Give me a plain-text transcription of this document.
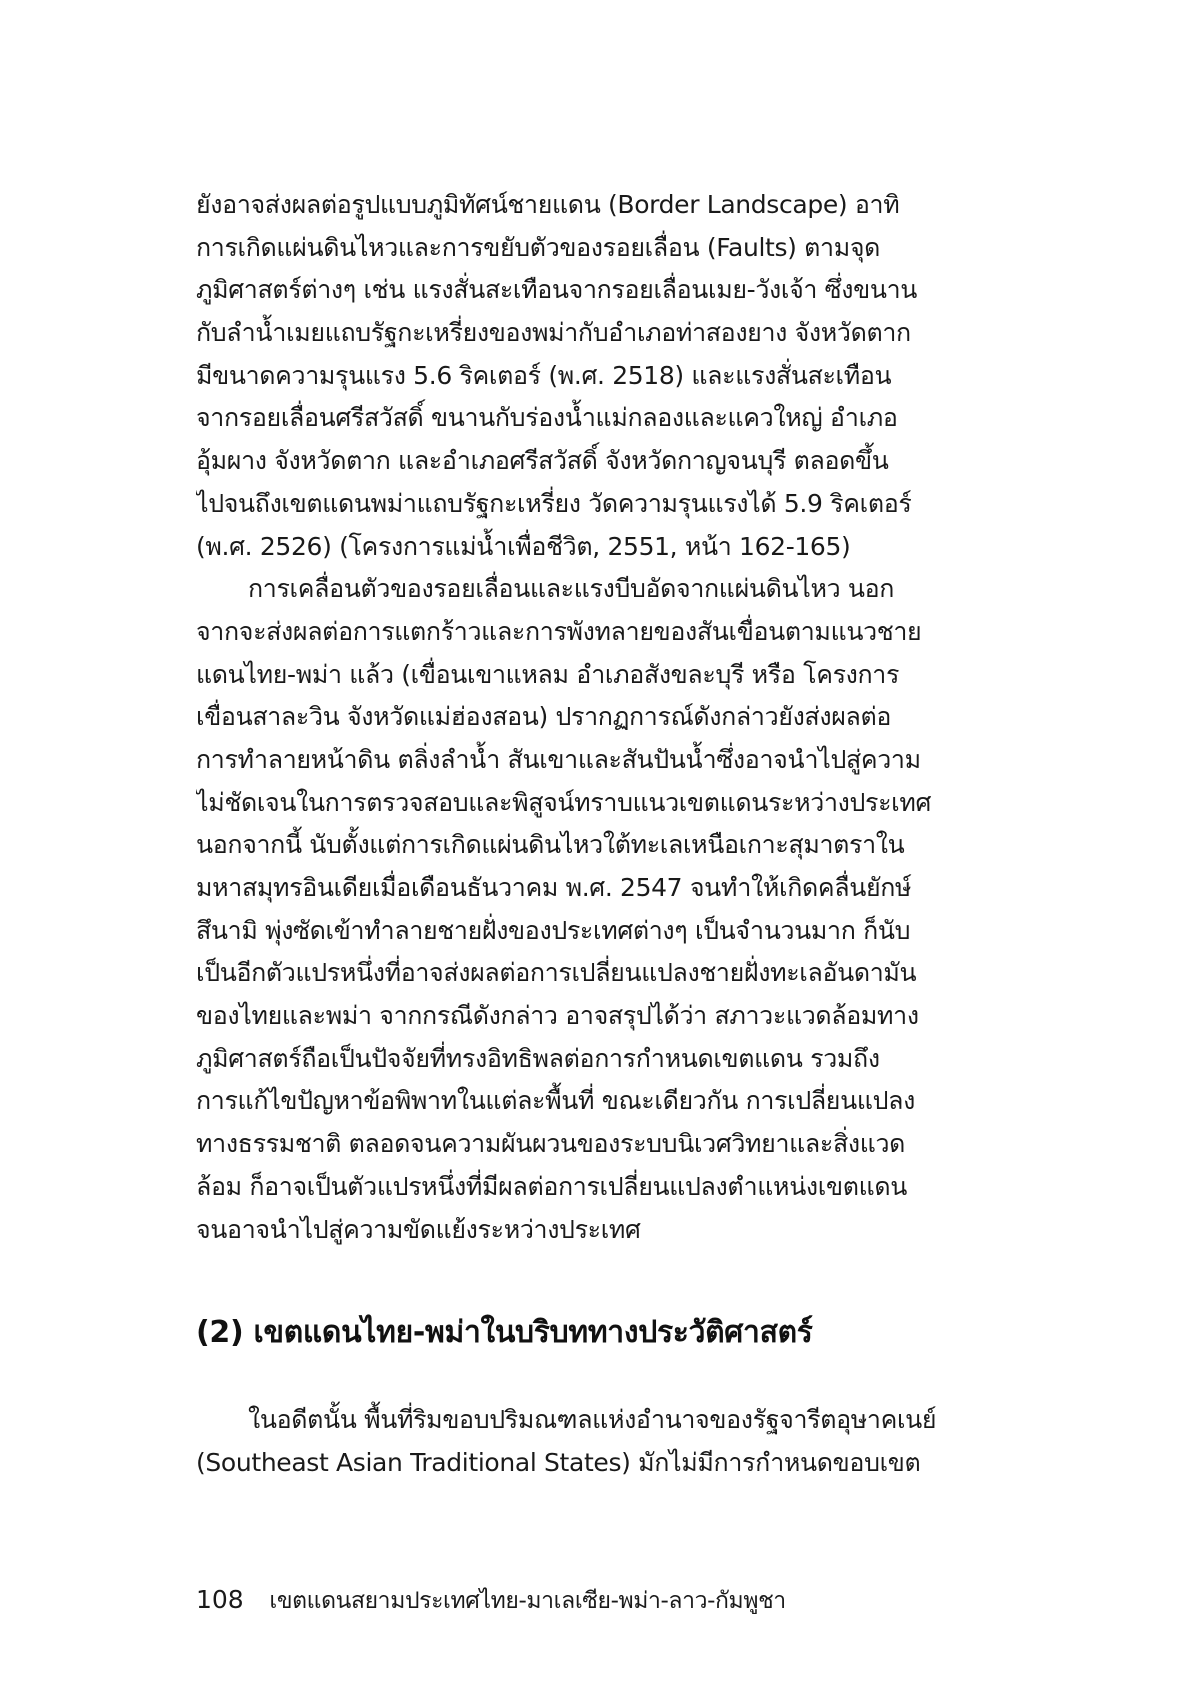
ยังอาจส่งผลต่อรูปแบบภูมิทัศน์ชายแดน (Border Landscape) อาทิ
การเกิดแผ่นดินไหวและการขยับตัวของรอยเลื่อน (Faults) ตามจุด
ภูมิศาสตร์ต่างๆ เช่น แรงสั่นสะเทือนจากรอยเลื่อนเมย-วังเจ้า ซึ่งขนาน
กับลำน้ำเมยแถบรัฐกะเหรี่ยงของพม่ากับอำเภอท่าสองยาง จังหวัดตาก
มีขนาดความรุนแรง 5.6 ริคเตอร์ (พ.ศ. 2518) และแรงสั่นสะเทือน
จากรอยเลื่อนศรีสวัสดิ์ ขนานกับร่องน้ำแม่กลองและแควใหญ่ อำเภอ
อุ้มผาง จังหวัดตาก และอำเภอศรีสวัสดิ์ จังหวัดกาญจนบุรี ตลอดขึ้น
ไปจนถึงเขตแดนพม่าแถบรัฐกะเหรี่ยง วัดความรุนแรงได้ 5.9 ริคเตอร์
(พ.ศ. 2526) (โครงการแม่น้ำเพื่อชีวิต, 2551, หน้า 162-165)
การเคลื่อนตัวของรอยเลื่อนและแรงบีบอัดจากแผ่นดินไหว นอก
จากจะส่งผลต่อการแตกร้าวและการพังทลายของสันเขื่อนตามแนวชาย
แดนไทย-พม่า แล้ว (เขื่อนเขาแหลม อำเภอสังขละบุรี หรือ โครงการ
เขื่อนสาละวิน จังหวัดแม่ฮ่องสอน) ปรากฏการณ์ดังกล่าวยังส่งผลต่อ
การทำลายหน้าดิน ตลิ่งลำน้ำ สันเขาและสันปันน้ำซึ่งอาจนำไปสู่ความ
ไม่ชัดเจนในการตรวจสอบและพิสูจน์ทราบแนวเขตแดนระหว่างประเทศ
นอกจากนี้ นับตั้งแต่การเกิดแผ่นดินไหวใต้ทะเลเหนือเกาะสุมาตราใน
มหาสมุทรอินเดียเมื่อเดือนธันวาคม พ.ศ. 2547 จนทำให้เกิดคลื่นยักษ์
สึนามิ พุ่งซัดเข้าทำลายชายฝั่งของประเทศต่างๆ เป็นจำนวนมาก ก็นับ
เป็นอีกตัวแปรหนึ่งที่อาจส่งผลต่อการเปลี่ยนแปลงชายฝั่งทะเลอันดามัน
ของไทยและพม่า จากกรณีดังกล่าว อาจสรุปได้ว่า สภาวะแวดล้อมทาง
ภูมิศาสตร์ถือเป็นปัจจัยที่ทรงอิทธิพลต่อการกำหนดเขตแดน รวมถึง
การแก้ไขปัญหาข้อพิพาทในแต่ละพื้นที่ ขณะเดียวกัน การเปลี่ยนแปลง
ทางธรรมชาติ ตลอดจนความผันผวนของระบบนิเวศวิทยาและสิ่งแวด
ล้อม ก็อาจเป็นตัวแปรหนึ่งที่มีผลต่อการเปลี่ยนแปลงตำแหน่งเขตแดน
จนอาจนำไปสู่ความขัดแย้งระหว่างประเทศ
(2) เขตแดนไทย-พม่าในบริบททางประวัติศาสตร์
ในอดีตนั้น พื้นที่ริมขอบปริมณฑลแห่งอำนาจของรัฐจารีตอุษาคเนย์
(Southeast Asian Traditional States) มักไม่มีการกำหนดขอบเขต
108 เขตแดนสยามประเทศไทย-มาเลเซีย-พม่า-ลาว-กัมพูชา
